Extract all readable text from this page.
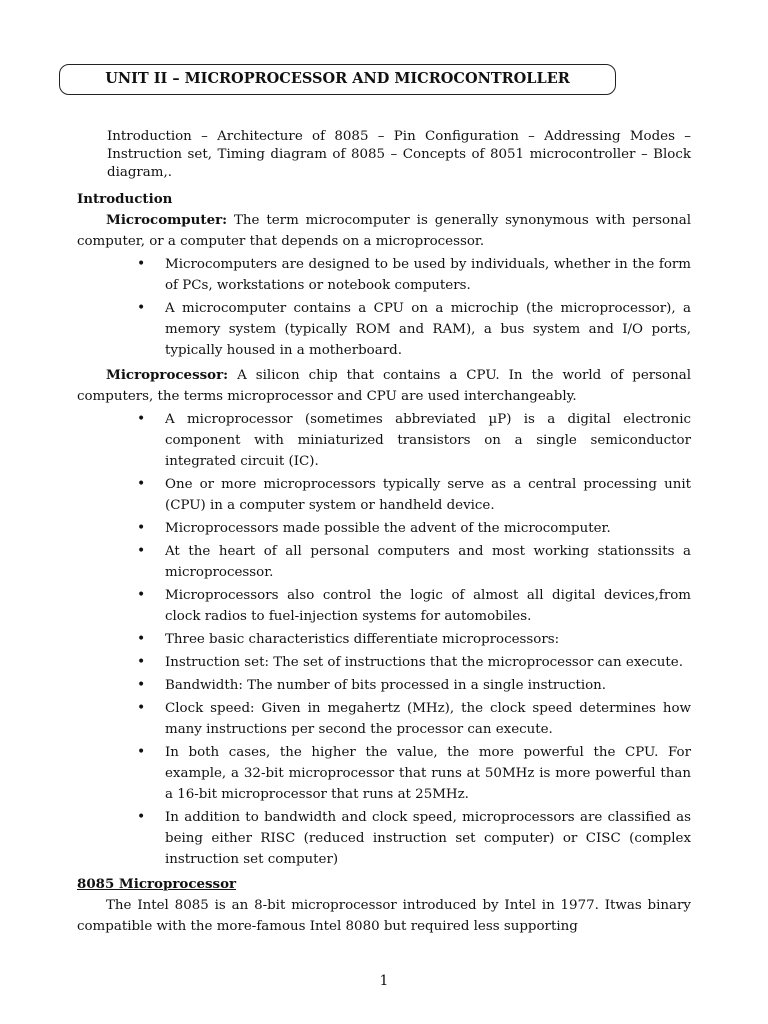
UNIT II – MICROPROCESSOR AND MICROCONTROLLER

Introduction – Architecture of 8085 – Pin Configuration – Addressing Modes – Instruction set, Timing diagram of 8085 – Concepts of 8051 microcontroller – Block diagram,.

Introduction

Microcomputer: The term microcomputer is generally synonymous with personal computer, or a computer that depends on a microprocessor.

• Microcomputers are designed to be used by individuals, whether in the form of PCs, workstations or notebook computers.
• A microcomputer contains a CPU on a microchip (the microprocessor), a memory system (typically ROM and RAM), a bus system and I/O ports, typically housed in a motherboard.

Microprocessor: A silicon chip that contains a CPU. In the world of personal computers, the terms microprocessor and CPU are used interchangeably.

• A microprocessor (sometimes abbreviated µP) is a digital electronic component with miniaturized transistors on a single semiconductor integrated circuit (IC).
• One or more microprocessors typically serve as a central processing unit (CPU) in a computer system or handheld device.
• Microprocessors made possible the advent of the microcomputer.
• At the heart of all personal computers and most working stationssits a microprocessor.
• Microprocessors also control the logic of almost all digital devices,from clock radios to fuel-injection systems for automobiles.
• Three basic characteristics differentiate microprocessors:
• Instruction set: The set of instructions that the microprocessor can execute.
• Bandwidth: The number of bits processed in a single instruction.
• Clock speed: Given in megahertz (MHz), the clock speed determines how many instructions per second the processor can execute.
• In both cases, the higher the value, the more powerful the CPU. For example, a 32-bit microprocessor that runs at 50MHz is more powerful than a 16-bit microprocessor that runs at 25MHz.
• In addition to bandwidth and clock speed, microprocessors are classified as being either RISC (reduced instruction set computer) or CISC (complex instruction set computer)

8085 Microprocessor

The Intel 8085 is an 8-bit microprocessor introduced by Intel in 1977. Itwas binary compatible with the more-famous Intel 8080 but required less supporting

1
